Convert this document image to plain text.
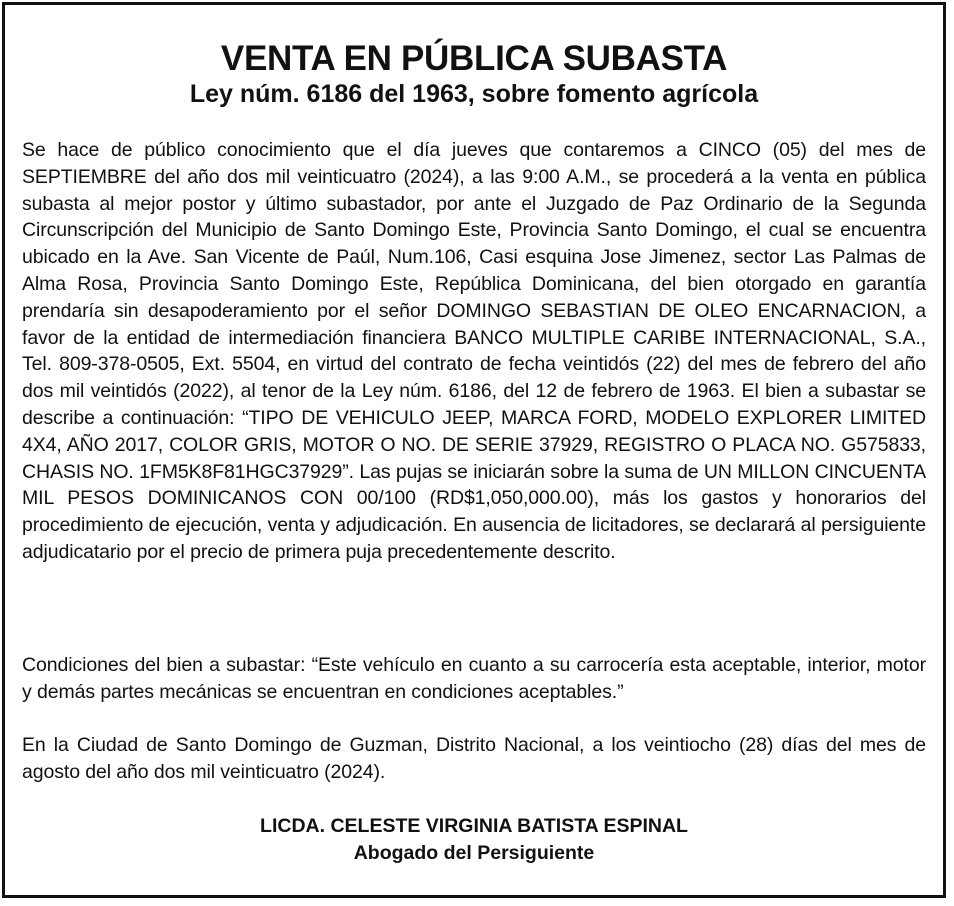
VENTA EN PÚBLICA SUBASTA
Ley núm. 6186 del 1963, sobre fomento agrícola
Se hace de público conocimiento que el día jueves que contaremos a CINCO (05) del mes de SEPTIEMBRE del año dos mil veinticuatro (2024), a las 9:00 A.M., se procederá a la venta en pública subasta al mejor postor y último subastador, por ante el Juzgado de Paz Ordinario de la Segunda Circunscripción del Municipio de Santo Domingo Este, Provincia Santo Domingo, el cual se encuentra ubicado en la Ave. San Vicente de Paúl, Num.106, Casi esquina Jose Jimenez, sector Las Palmas de Alma Rosa, Provincia Santo Domingo Este, República Dominicana, del bien otorgado en garantía prendaría sin desapoderamiento por el señor DOMINGO SEBASTIAN DE OLEO ENCARNACION, a favor de la entidad de intermediación financiera BANCO MULTIPLE CARIBE INTERNACIONAL, S.A., Tel. 809-378-0505, Ext. 5504, en virtud del contrato de fecha veintidós (22) del mes de febrero del año dos mil veintidós (2022), al tenor de la Ley núm. 6186, del 12 de febrero de 1963. El bien a subastar se describe a continuación: “TIPO DE VEHICULO JEEP, MARCA FORD, MODELO EXPLORER LIMITED 4X4, AÑO 2017, COLOR GRIS, MOTOR O NO. DE SERIE 37929, REGISTRO O PLACA NO. G575833, CHASIS NO. 1FM5K8F81HGC37929”. Las pujas se iniciarán sobre la suma de UN MILLON CINCUENTA MIL PESOS DOMINICANOS CON 00/100 (RD$1,050,000.00), más los gastos y honorarios del procedimiento de ejecución, venta y adjudicación. En ausencia de licitadores, se declarará al persiguiente adjudicatario por el precio de primera puja precedentemente descrito.
Condiciones del bien a subastar: “Este vehículo en cuanto a su carrocería esta aceptable, interior, motor y demás partes mecánicas se encuentran en condiciones aceptables.”
En la Ciudad de Santo Domingo de Guzman, Distrito Nacional, a los veintiocho (28) días del mes de agosto del año dos mil veinticuatro (2024).
LICDA. CELESTE VIRGINIA BATISTA ESPINAL
Abogado del Persiguiente
